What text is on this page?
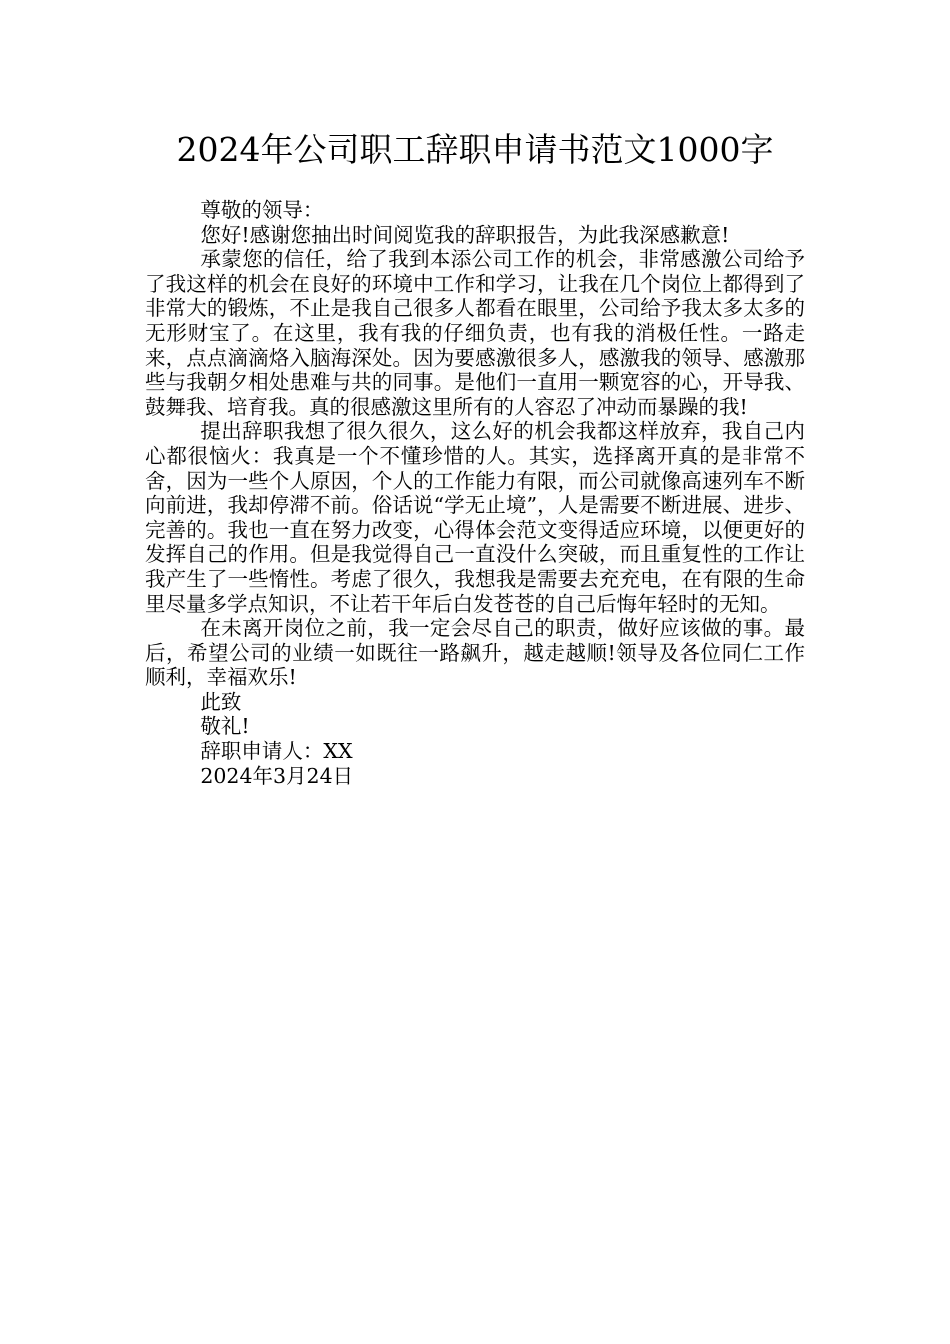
2024年公司职工辞职申请书范文1000字

尊敬的领导：

您好!感谢您抽出时间阅览我的辞职报告，为此我深感歉意!

承蒙您的信任，给了我到本添公司工作的机会，非常感激公司给予了我这样的机会在良好的环境中工作和学习，让我在几个岗位上都得到了非常大的锻炼，不止是我自己很多人都看在眼里，公司给予我太多太多的无形财宝了。在这里，我有我的仔细负责，也有我的消极任性。一路走来，点点滴滴烙入脑海深处。因为要感激很多人，感激我的领导、感激那些与我朝夕相处患难与共的同事。是他们一直用一颗宽容的心，开导我、鼓舞我、培育我。真的很感激这里所有的人容忍了冲动而暴躁的我!

提出辞职我想了很久很久，这么好的机会我都这样放弃，我自己内心都很恼火：我真是一个不懂珍惜的人。其实，选择离开真的是非常不舍，因为一些个人原因，个人的工作能力有限，而公司就像高速列车不断向前进，我却停滞不前。俗话说“学无止境”，人是需要不断进展、进步、完善的。我也一直在努力改变，心得体会范文变得适应环境，以便更好的发挥自己的作用。但是我觉得自己一直没什么突破，而且重复性的工作让我产生了一些惰性。考虑了很久，我想我是需要去充充电，在有限的生命里尽量多学点知识，不让若干年后白发苍苍的自己后悔年轻时的无知。

在未离开岗位之前，我一定会尽自己的职责，做好应该做的事。最后，希望公司的业绩一如既往一路飙升，越走越顺!领导及各位同仁工作顺利，幸福欢乐!

此致

敬礼!

辞职申请人：XX

2024年3月24日
